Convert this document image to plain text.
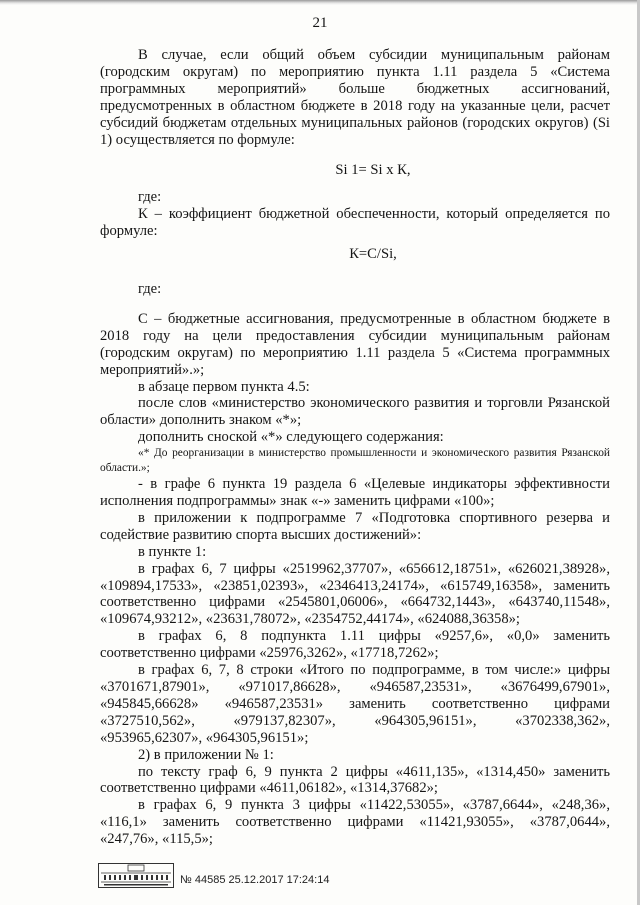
21

В случае, если общий объем субсидии муниципальным районам (городским округам) по мероприятию пункта 1.11 раздела 5 «Система программных мероприятий» больше бюджетных ассигнований, предусмотренных в областном бюджете в 2018 году на указанные цели, расчет субсидий бюджетам отдельных муниципальных районов (городских округов) (Si 1) осуществляется по формуле:

Si 1= Si x К,

где:

К – коэффициент бюджетной обеспеченности, который определяется по формуле:

К=С/Si,

где:

С – бюджетные ассигнования, предусмотренные в областном бюджете в 2018 году на цели предоставления субсидии муниципальным районам (городским округам) по мероприятию 1.11 раздела 5 «Система программных мероприятий».»;

в абзаце первом пункта 4.5:

после слов «министерство экономического развития и торговли Рязанской области» дополнить знаком «*»;

дополнить сноской «*» следующего содержания:

«* До реорганизации в министерство промышленности и экономического развития Рязанской области.»;

- в графе 6 пункта 19 раздела 6 «Целевые индикаторы эффективности исполнения подпрограммы» знак «-» заменить цифрами «100»;

в приложении к подпрограмме 7 «Подготовка спортивного резерва и содействие развитию спорта высших достижений»:

в пункте 1:

в графах 6, 7 цифры «2519962,37707», «656612,18751», «626021,38928», «109894,17533», «23851,02393», «2346413,24174», «615749,16358», заменить соответственно цифрами «2545801,06006», «664732,1443», «643740,11548», «109674,93212», «23631,78072», «2354752,44174», «624088,36358»;

в графах 6, 8 подпункта 1.11 цифры «9257,6», «0,0» заменить соответственно цифрами «25976,3262», «17718,7262»;

в графах 6, 7, 8 строки «Итого по подпрограмме, в том числе:» цифры «3701671,87901», «971017,86628», «946587,23531», «3676499,67901», «945845,66628» «946587,23531» заменить соответственно цифрами «3727510,562», «979137,82307», «964305,96151», «3702338,362», «953965,62307», «964305,96151»;

2) в приложении № 1:

по тексту граф 6, 9 пункта 2 цифры «4611,135», «1314,450» заменить соответственно цифрами «4611,06182», «1314,37682»;

в графах 6, 9 пункта 3 цифры «11422,53055», «3787,6644», «248,36», «116,1» заменить соответственно цифрами «11421,93055», «3787,0644», «247,76», «115,5»;

№ 44585 25.12.2017 17:24:14
